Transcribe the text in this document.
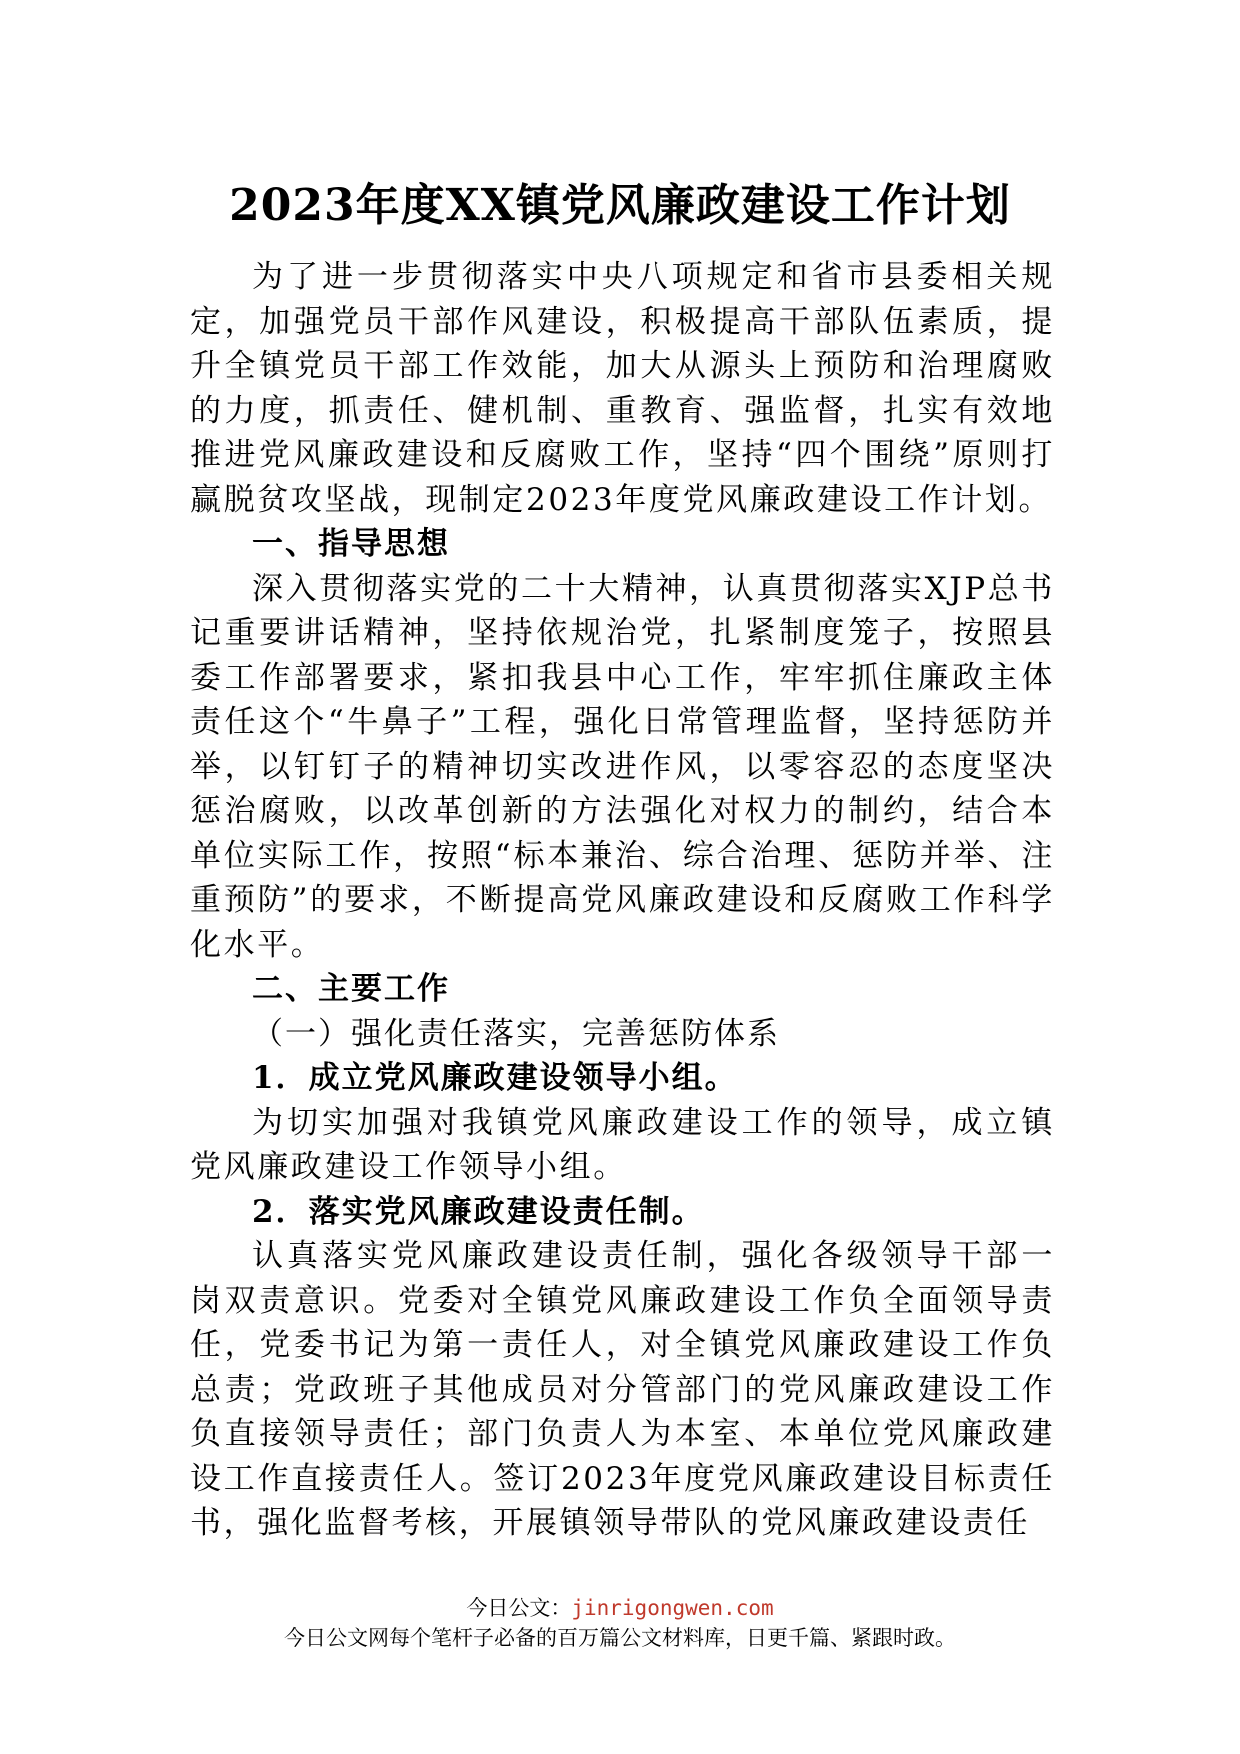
2023年度XX镇党风廉政建设工作计划

为了进一步贯彻落实中央八项规定和省市县委相关规定，加强党员干部作风建设，积极提高干部队伍素质，提升全镇党员干部工作效能，加大从源头上预防和治理腐败的力度，抓责任、健机制、重教育、强监督，扎实有效地推进党风廉政建设和反腐败工作，坚持“四个围绕”原则打赢脱贫攻坚战，现制定2023年度党风廉政建设工作计划。

一、指导思想

深入贯彻落实党的二十大精神，认真贯彻落实XJP总书记重要讲话精神，坚持依规治党，扎紧制度笼子，按照县委工作部署要求，紧扣我县中心工作，牢牢抓住廉政主体责任这个“牛鼻子”工程，强化日常管理监督，坚持惩防并举，以钉钉子的精神切实改进作风，以零容忍的态度坚决惩治腐败，以改革创新的方法强化对权力的制约，结合本单位实际工作，按照“标本兼治、综合治理、惩防并举、注重预防”的要求，不断提高党风廉政建设和反腐败工作科学化水平。

二、主要工作

（一）强化责任落实，完善惩防体系

1．成立党风廉政建设领导小组。

为切实加强对我镇党风廉政建设工作的领导，成立镇党风廉政建设工作领导小组。

2．落实党风廉政建设责任制。

认真落实党风廉政建设责任制，强化各级领导干部一岗双责意识。党委对全镇党风廉政建设工作负全面领导责任，党委书记为第一责任人，对全镇党风廉政建设工作负总责；党政班子其他成员对分管部门的党风廉政建设工作负直接领导责任；部门负责人为本室、本单位党风廉政建设工作直接责任人。签订2023年度党风廉政建设目标责任书，强化监督考核，开展镇领导带队的党风廉政建设责任

今日公文：jinrigongwen.com
今日公文网每个笔杆子必备的百万篇公文材料库，日更千篇、紧跟时政。
